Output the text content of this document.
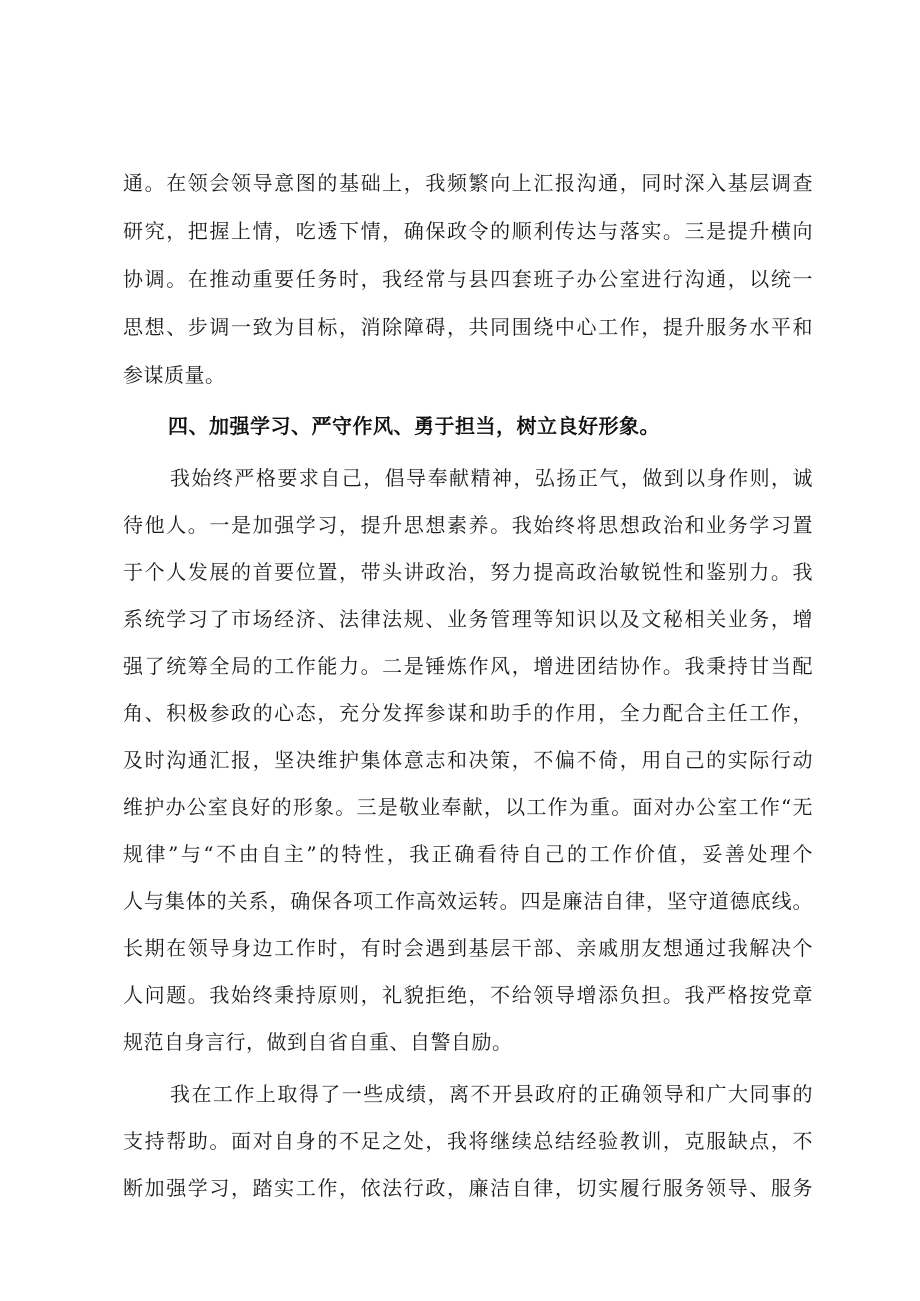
通。在领会领导意图的基础上，我频繁向上汇报沟通，同时深入基层调查
研究，把握上情，吃透下情，确保政令的顺利传达与落实。三是提升横向
协调。在推动重要任务时，我经常与县四套班子办公室进行沟通，以统一
思想、步调一致为目标，消除障碍，共同围绕中心工作，提升服务水平和
参谋质量。
四、加强学习、严守作风、勇于担当，树立良好形象。
我始终严格要求自己，倡导奉献精神，弘扬正气，做到以身作则，诚
待他人。一是加强学习，提升思想素养。我始终将思想政治和业务学习置
于个人发展的首要位置，带头讲政治，努力提高政治敏锐性和鉴别力。我
系统学习了市场经济、法律法规、业务管理等知识以及文秘相关业务，增
强了统筹全局的工作能力。二是锤炼作风，增进团结协作。我秉持甘当配
角、积极参政的心态，充分发挥参谋和助手的作用，全力配合主任工作，
及时沟通汇报，坚决维护集体意志和决策，不偏不倚，用自己的实际行动
维护办公室良好的形象。三是敬业奉献，以工作为重。面对办公室工作“无
规律”与“不由自主”的特性，我正确看待自己的工作价值，妥善处理个
人与集体的关系，确保各项工作高效运转。四是廉洁自律，坚守道德底线。
长期在领导身边工作时，有时会遇到基层干部、亲戚朋友想通过我解决个
人问题。我始终秉持原则，礼貌拒绝，不给领导增添负担。我严格按党章
规范自身言行，做到自省自重、自警自励。
我在工作上取得了一些成绩，离不开县政府的正确领导和广大同事的
支持帮助。面对自身的不足之处，我将继续总结经验教训，克服缺点，不
断加强学习，踏实工作，依法行政，廉洁自律，切实履行服务领导、服务
